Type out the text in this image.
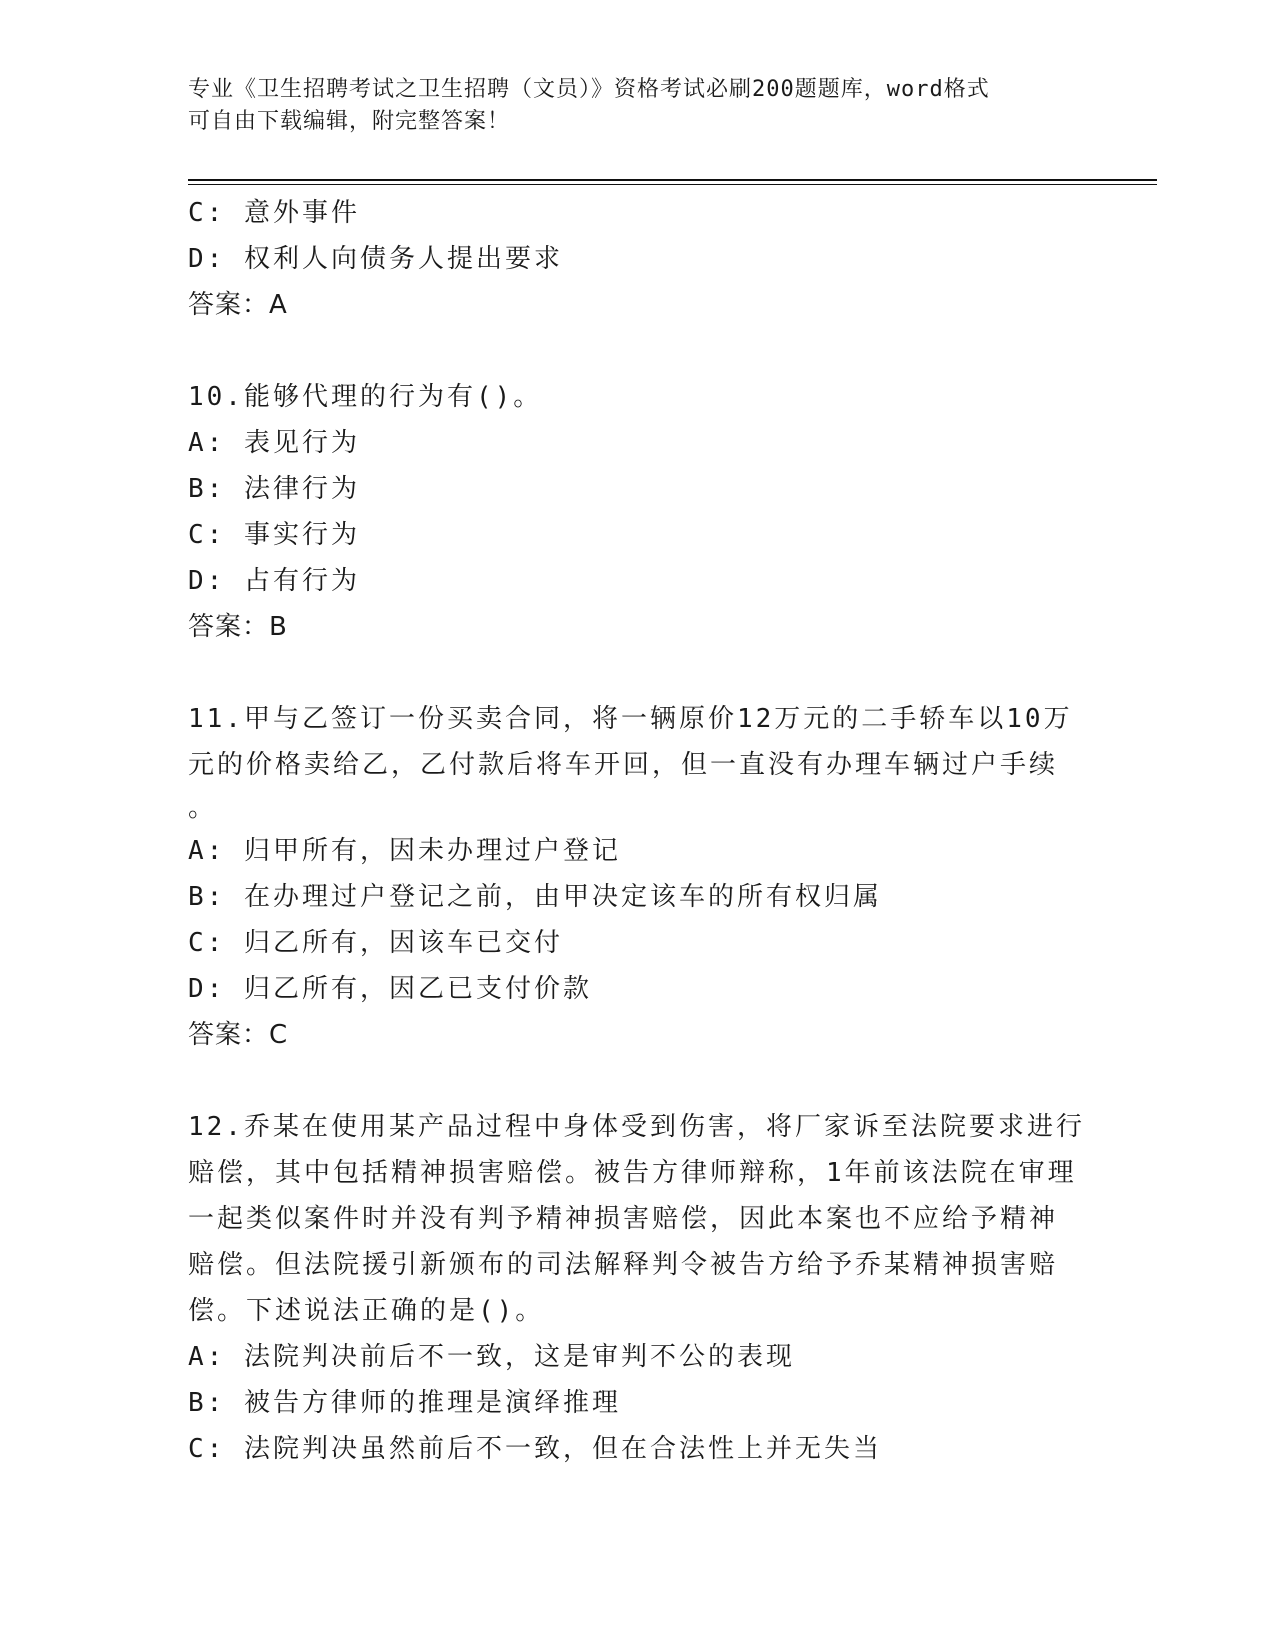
专业《卫生招聘考试之卫生招聘（文员）》资格考试必刷200题题库，word格式
可自由下载编辑，附完整答案！
C: 意外事件
D: 权利人向债务人提出要求
答案：A
10.能够代理的行为有()。
A: 表见行为
B: 法律行为
C: 事实行为
D: 占有行为
答案：B
11.甲与乙签订一份买卖合同，将一辆原价12万元的二手轿车以10万
元的价格卖给乙，乙付款后将车开回，但一直没有办理车辆过户手续
。
A: 归甲所有，因未办理过户登记
B: 在办理过户登记之前，由甲决定该车的所有权归属
C: 归乙所有，因该车已交付
D: 归乙所有，因乙已支付价款
答案：C
12.乔某在使用某产品过程中身体受到伤害，将厂家诉至法院要求进行
赔偿，其中包括精神损害赔偿。被告方律师辩称，1年前该法院在审理
一起类似案件时并没有判予精神损害赔偿，因此本案也不应给予精神
赔偿。但法院援引新颁布的司法解释判令被告方给予乔某精神损害赔
偿。下述说法正确的是()。
A: 法院判决前后不一致，这是审判不公的表现
B: 被告方律师的推理是演绎推理
C: 法院判决虽然前后不一致，但在合法性上并无失当
